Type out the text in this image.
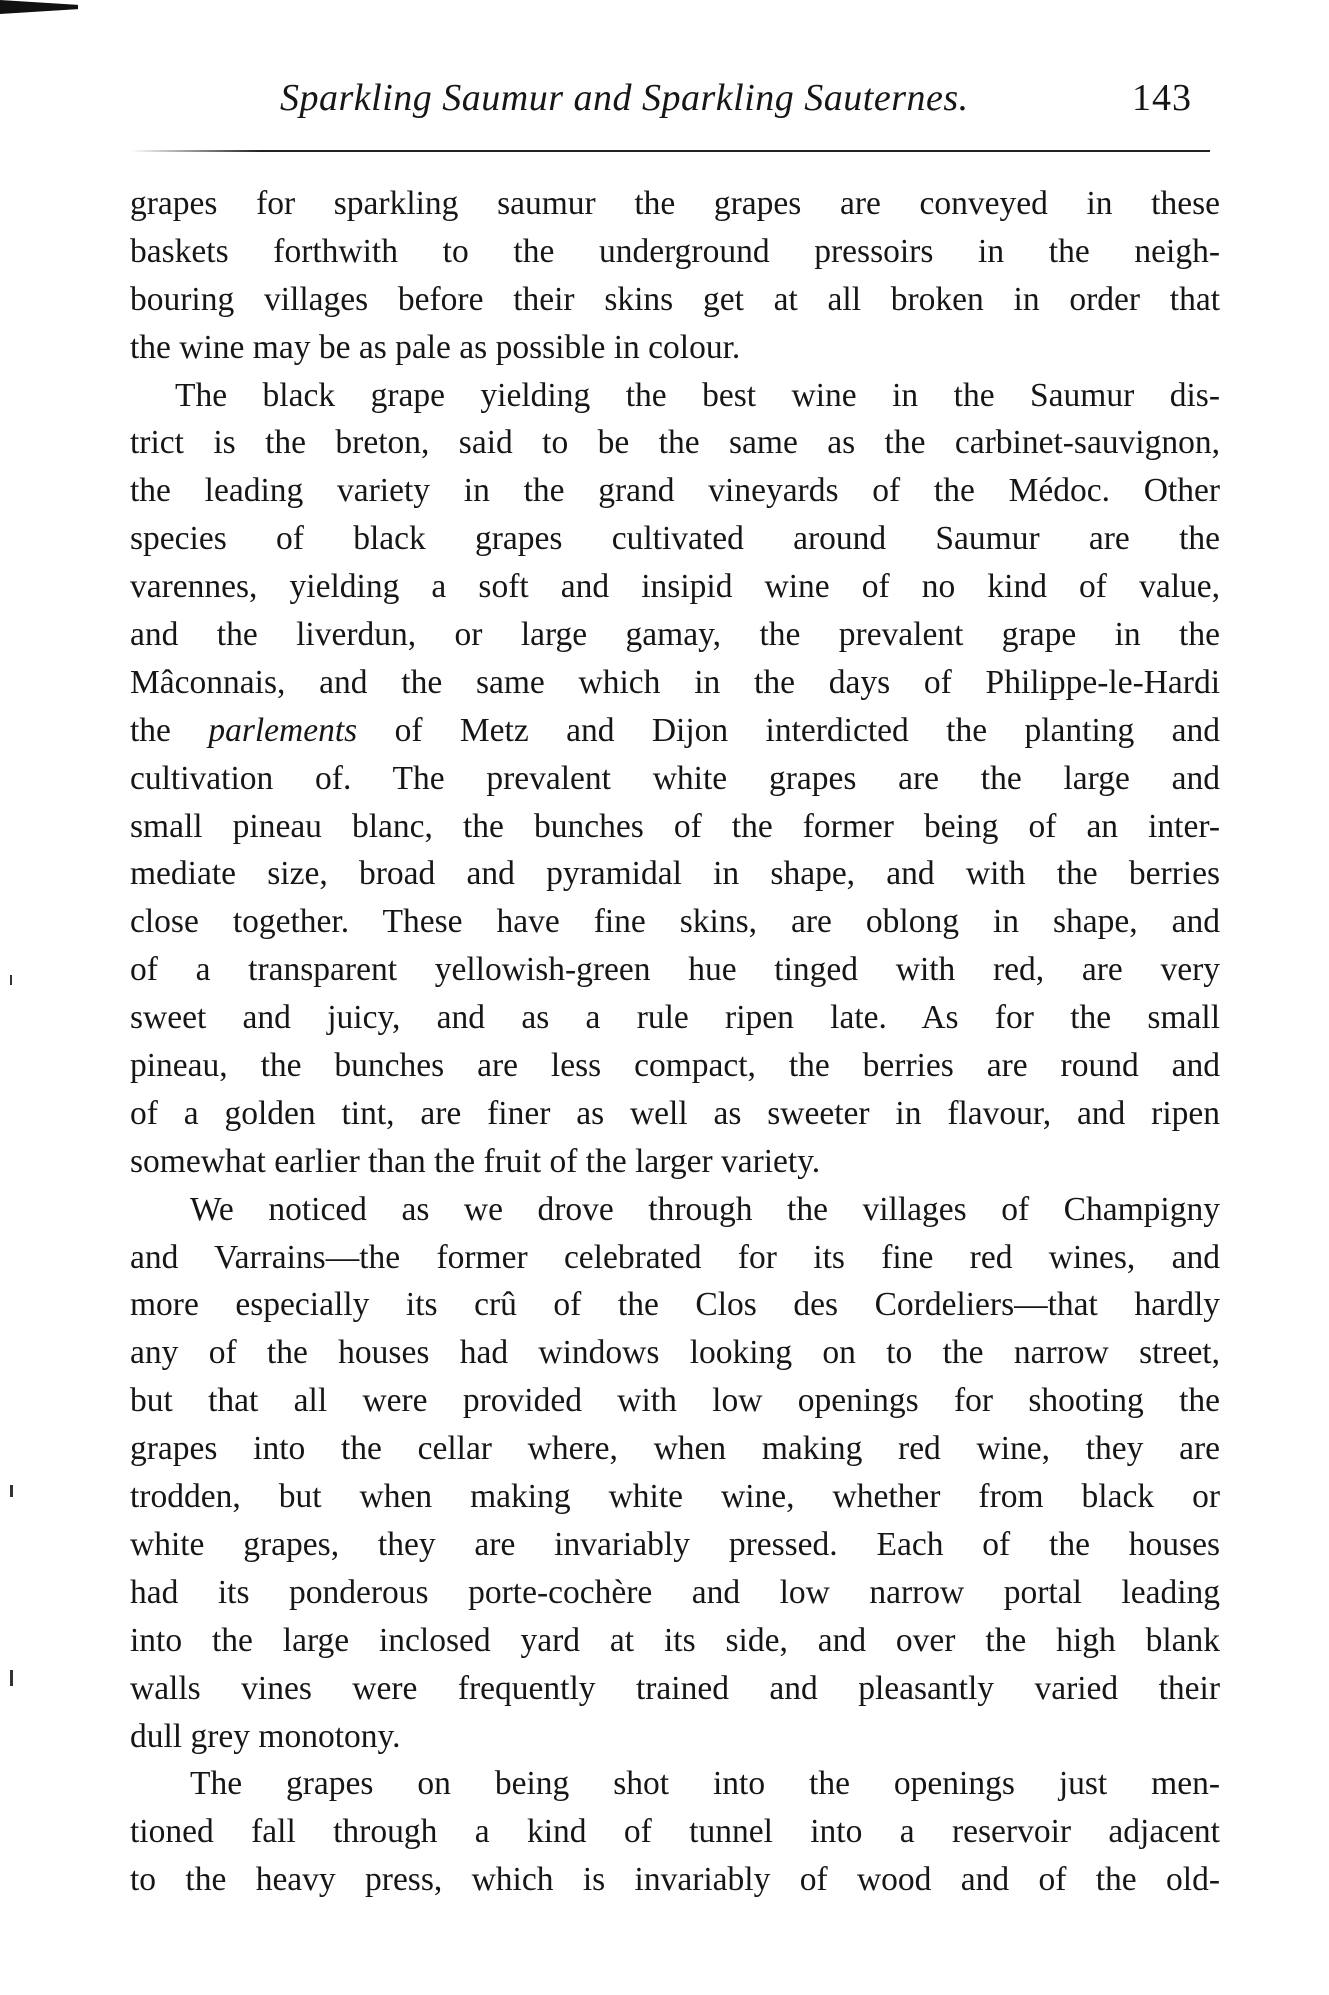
Sparkling Saumur and Sparkling Sauternes.	143
grapes for sparkling saumur the grapes are conveyed in these
baskets forthwith to the underground pressoirs in the neigh-
bouring villages before their skins get at all broken in order that
the wine may be as pale as possible in colour.
The black grape yielding the best wine in the Saumur dis-
trict is the breton, said to be the same as the carbinet-sauvignon,
the leading variety in the grand vineyards of the Médoc. Other
species of black grapes cultivated around Saumur are the
varennes, yielding a soft and insipid wine of no kind of value,
and the liverdun, or large gamay, the prevalent grape in the
Mâconnais, and the same which in the days of Philippe-le-Hardi
the parlements of Metz and Dijon interdicted the planting and
cultivation of. The prevalent white grapes are the large and
small pineau blanc, the bunches of the former being of an inter-
mediate size, broad and pyramidal in shape, and with the berries
close together. These have fine skins, are oblong in shape, and
of a transparent yellowish-green hue tinged with red, are very
sweet and juicy, and as a rule ripen late. As for the small
pineau, the bunches are less compact, the berries are round and
of a golden tint, are finer as well as sweeter in flavour, and ripen
somewhat earlier than the fruit of the larger variety.
We noticed as we drove through the villages of Champigny
and Varrains—the former celebrated for its fine red wines, and
more especially its crû of the Clos des Cordeliers—that hardly
any of the houses had windows looking on to the narrow street,
but that all were provided with low openings for shooting the
grapes into the cellar where, when making red wine, they are
trodden, but when making white wine, whether from black or
white grapes, they are invariably pressed. Each of the houses
had its ponderous porte-cochère and low narrow portal leading
into the large inclosed yard at its side, and over the high blank
walls vines were frequently trained and pleasantly varied their
dull grey monotony.
The grapes on being shot into the openings just men-
tioned fall through a kind of tunnel into a reservoir adjacent
to the heavy press, which is invariably of wood and of the old-
